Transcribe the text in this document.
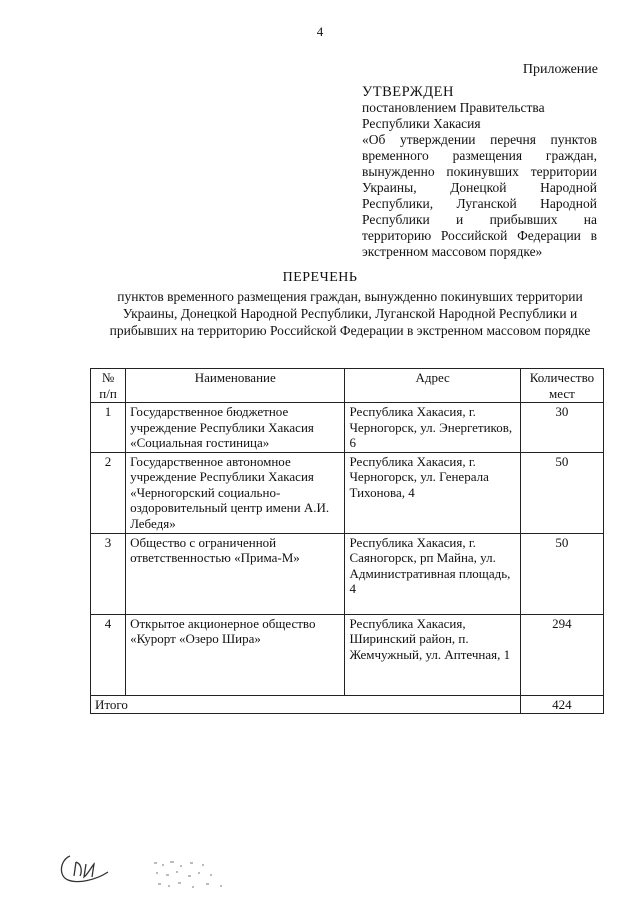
4
Приложение
УТВЕРЖДЕН
постановлением Правительства
Республики Хакасия
«Об утверждении перечня пунктов временного размещения граждан, вынужденно покинувших территории Украины, Донецкой Народной Республики, Луганской Народной Республики и прибывших на территорию Российской Федерации в экстренном массовом порядке»
ПЕРЕЧЕНЬ
пунктов временного размещения граждан, вынужденно покинувших территории Украины, Донецкой Народной Республики, Луганской Народной Республики и прибывших на территорию Российской Федерации в экстренном массовом порядке
№ п/п	Наименование	Адрес	Количество мест
1	Государственное бюджетное учреждение Республики Хакасия «Социальная гостиница»	Республика Хакасия, г. Черногорск, ул. Энергетиков, 6	30
2	Государственное автономное учреждение Республики Хакасия «Черногорский социально-оздоровительный центр имени А.И. Лебедя»	Республика Хакасия, г. Черногорск, ул. Генерала Тихонова, 4	50
3	Общество с ограниченной ответственностью «Прима-М»	Республика Хакасия, г. Саяногорск, рп Майна, ул. Административная площадь, 4	50
4	Открытое акционерное общество «Курорт «Озеро Шира»	Республика Хакасия, Ширинский район, п. Жемчужный, ул. Аптечная, 1	294
Итого			424
